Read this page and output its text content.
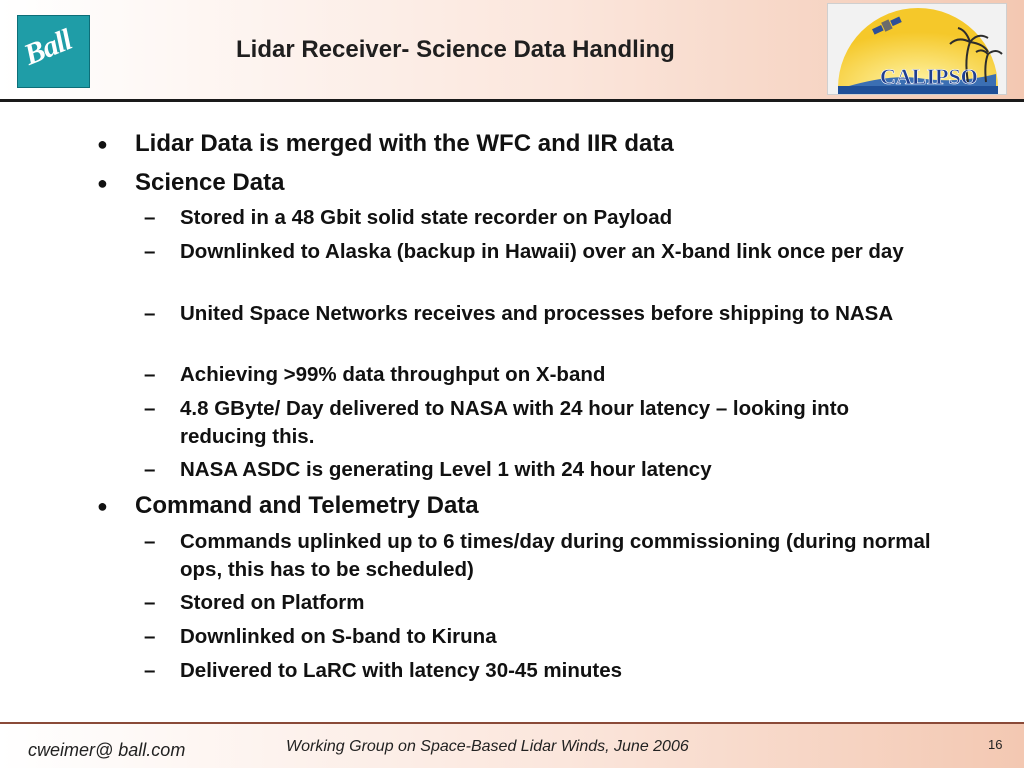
Ball	Lidar Receiver- Science Data Handling
CALIPSO
● Lidar Data is merged with the WFC and IIR data
● Science Data
– Stored in a 48 Gbit solid state recorder on Payload
– Downlinked to Alaska (backup in Hawaii) over an X-band link once per day
– United Space Networks receives and processes before shipping to NASA
– Achieving >99% data throughput on X-band
– 4.8 GByte/ Day delivered to NASA with 24 hour latency – looking into reducing this.
– NASA ASDC is generating Level 1 with 24 hour latency
● Command and Telemetry Data
– Commands uplinked up to 6 times/day during commissioning (during normal ops, this has to be scheduled)
– Stored on Platform
– Downlinked on S-band to Kiruna
– Delivered to LaRC with latency 30-45 minutes
cweimer@ ball.com	Working Group on Space-Based Lidar Winds, June 2006	16
